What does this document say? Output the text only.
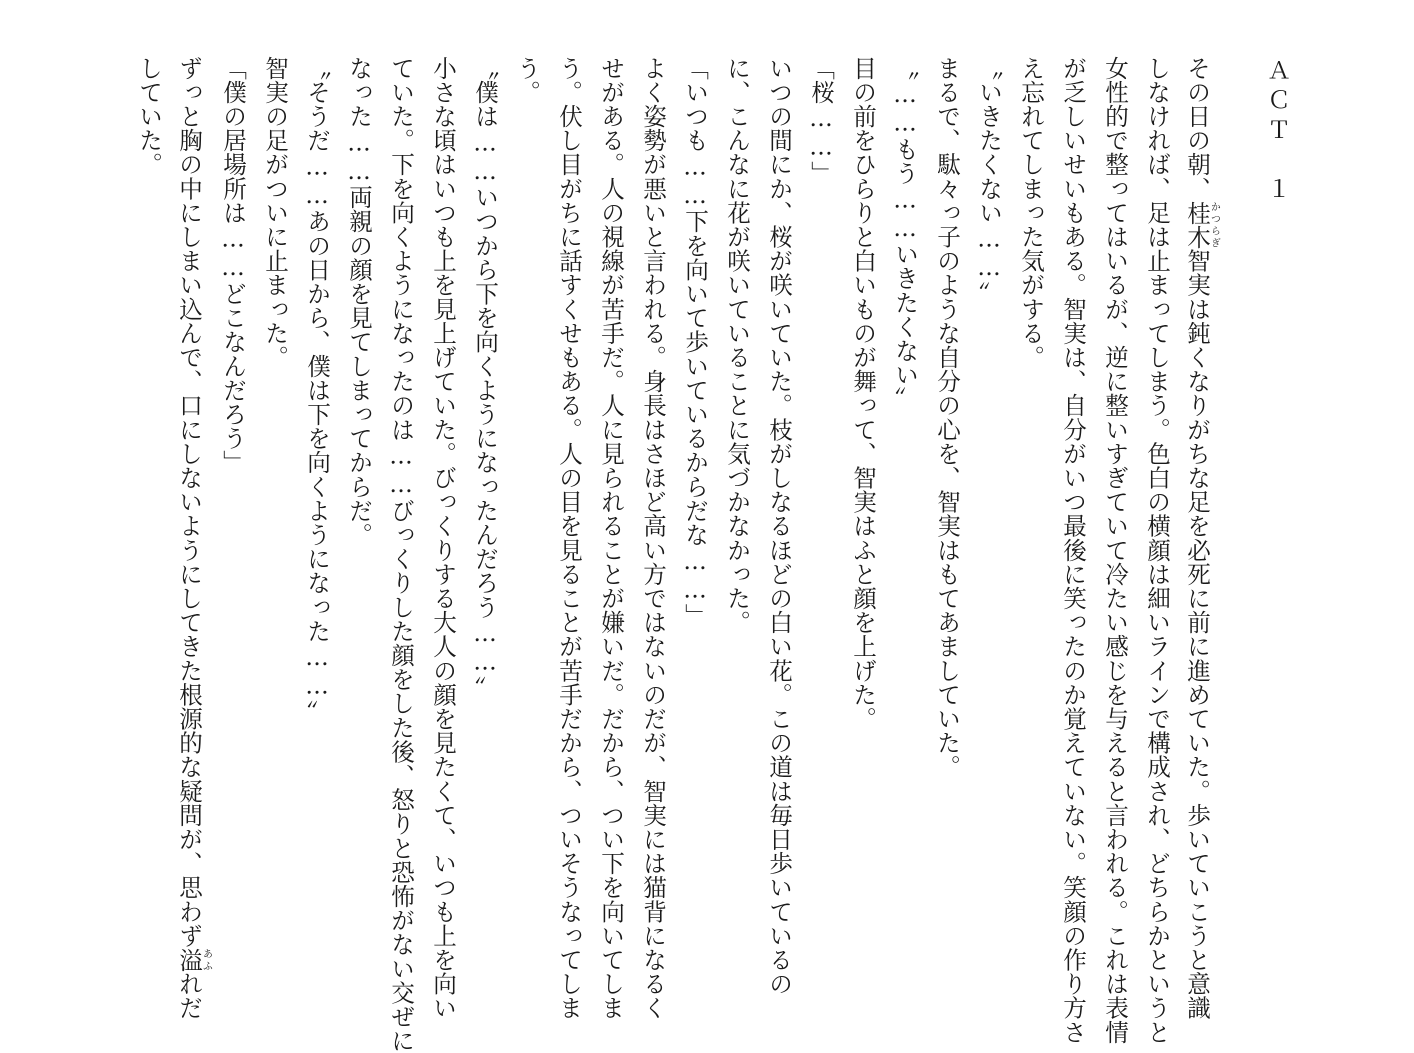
ＡＣＴ　１
その日の朝、桂木かつらぎ智実は鈍くなりがちな足を必死に前に進めていた。歩いていこうと意識
しなければ、足は止まってしまう。色白の横顔は細いラインで構成され、どちらかというと
女性的で整ってはいるが、逆に整いすぎていて冷たい感じを与えると言われる。これは表情
が乏しいせいもある。智実は、自分がいつ最後に笑ったのか覚えていない。笑顔の作り方さ
え忘れてしまった気がする。
〝いきたくない……〟
まるで、駄々っ子のような自分の心を、智実はもてあましていた。
〝……もう……いきたくない〟
目の前をひらりと白いものが舞って、智実はふと顔を上げた。
「桜……」
いつの間にか、桜が咲いていた。枝がしなるほどの白い花。この道は毎日歩いているの
に、こんなに花が咲いていることに気づかなかった。
「いつも……下を向いて歩いているからだな……」
よく姿勢が悪いと言われる。身長はさほど高い方ではないのだが、智実には猫背になるく
せがある。人の視線が苦手だ。人に見られることが嫌いだ。だから、つい下を向いてしま
う。伏し目がちに話すくせもある。人の目を見ることが苦手だから、ついそうなってしま
う。
〝僕は……いつから下を向くようになったんだろう……〟
小さな頃はいつも上を見上げていた。びっくりする大人の顔を見たくて、いつも上を向い
ていた。下を向くようになったのは……びっくりした顔をした後、怒りと恐怖がない交ぜに
なった……両親の顔を見てしまってからだ。
〝そうだ……あの日から、僕は下を向くようになった……〟
智実の足がついに止まった。
「僕の居場所は……どこなんだろう」
ずっと胸の中にしまい込んで、口にしないようにしてきた根源的な疑問が、思わず溢あふれだ
していた。
